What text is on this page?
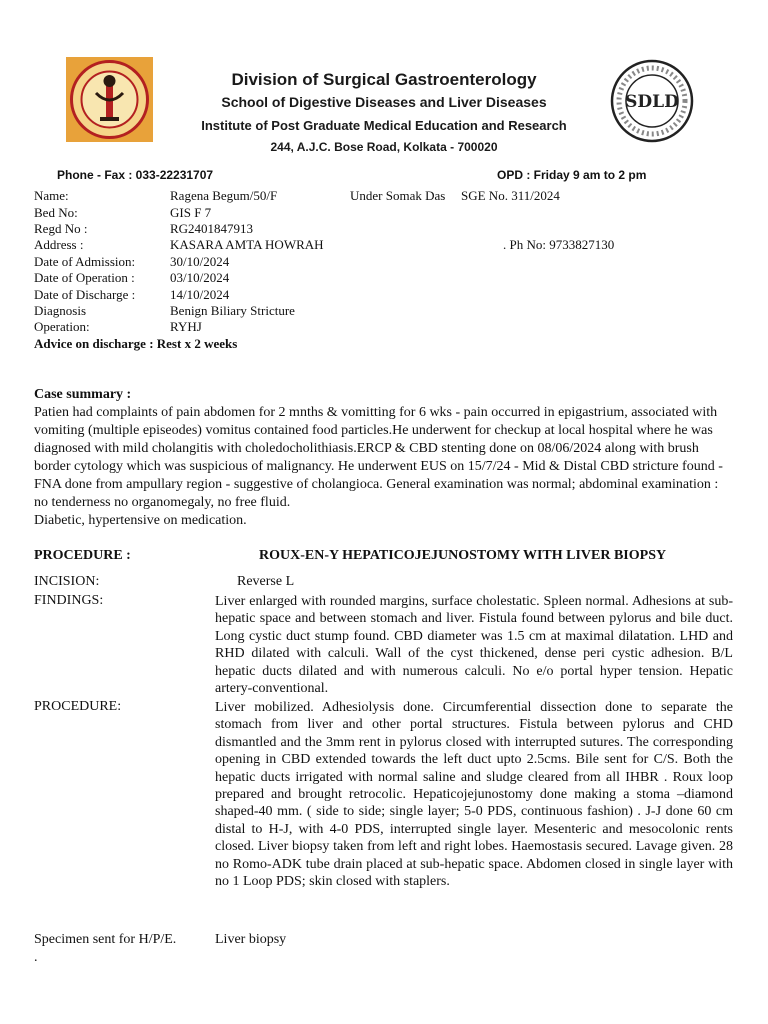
Division of Surgical Gastroenterology
School of Digestive Diseases and Liver Diseases
Institute of Post Graduate Medical Education and Research
244, A.J.C. Bose Road, Kolkata - 700020
SDLD
Phone - Fax : 033-22231707	OPD : Friday 9 am to 2 pm
Name:	Ragena Begum/50/F	Under Somak Das SGE No. 311/2024
Bed No:	GIS F 7
Regd No :	RG2401847913
Address :	KASARA AMTA HOWRAH	. Ph No: 9733827130
Date of Admission:	30/10/2024
Date of Operation :	03/10/2024
Date of Discharge :	14/10/2024
Diagnosis	Benign Biliary Stricture
Operation:	RYHJ
Advice on discharge : Rest x 2 weeks
Case summary :
Patien had complaints of pain abdomen for 2 mnths & vomitting for 6 wks - pain occurred in epigastrium, associated with vomiting (multiple episeodes) vomitus contained food particles.He underwent for checkup at local hospital where he was diagnosed with mild cholangitis with choledocholithiasis.ERCP & CBD stenting done on 08/06/2024 along with brush border cytology which was suspicious of malignancy. He underwent EUS on 15/7/24 - Mid & Distal CBD stricture found - FNA done from ampullary region - suggestive of cholangioca. General examination was normal; abdominal examination : no tenderness no organomegaly, no free fluid.
Diabetic, hypertensive on medication.
PROCEDURE :	ROUX-EN-Y HEPATICOJEJUNOSTOMY WITH LIVER BIOPSY
INCISION:	Reverse L
FINDINGS:	Liver enlarged with rounded margins, surface cholestatic. Spleen normal. Adhesions at sub-hepatic space and between stomach and liver. Fistula found between pylorus and bile duct. Long cystic duct stump found. CBD diameter was 1.5 cm at maximal dilatation. LHD and RHD dilated with calculi. Wall of the cyst thickened, dense peri cystic adhesion. B/L hepatic ducts dilated and with numerous calculi. No e/o portal hyper tension. Hepatic artery-conventional.
PROCEDURE:	Liver mobilized. Adhesiolysis done. Circumferential dissection done to separate the stomach from liver and other portal structures. Fistula between pylorus and CHD dismantled and the 3mm rent in pylorus closed with interrupted sutures. The corresponding opening in CBD extended towards the left duct upto 2.5cms. Bile sent for C/S. Both the hepatic ducts irrigated with normal saline and sludge cleared from all IHBR . Roux loop prepared and brought retrocolic. Hepaticojejunostomy done making a stoma –diamond shaped-40 mm. ( side to side; single layer; 5-0 PDS, continuous fashion) . J-J done 60 cm distal to H-J, with 4-0 PDS, interrupted single layer. Mesenteric and mesocolonic rents closed. Liver biopsy taken from left and right lobes. Haemostasis secured. Lavage given. 28 no Romo-ADK tube drain placed at sub-hepatic space. Abdomen closed in single layer with no 1 Loop PDS; skin closed with staplers.
Specimen sent for H/P/E.	Liver biopsy
.
